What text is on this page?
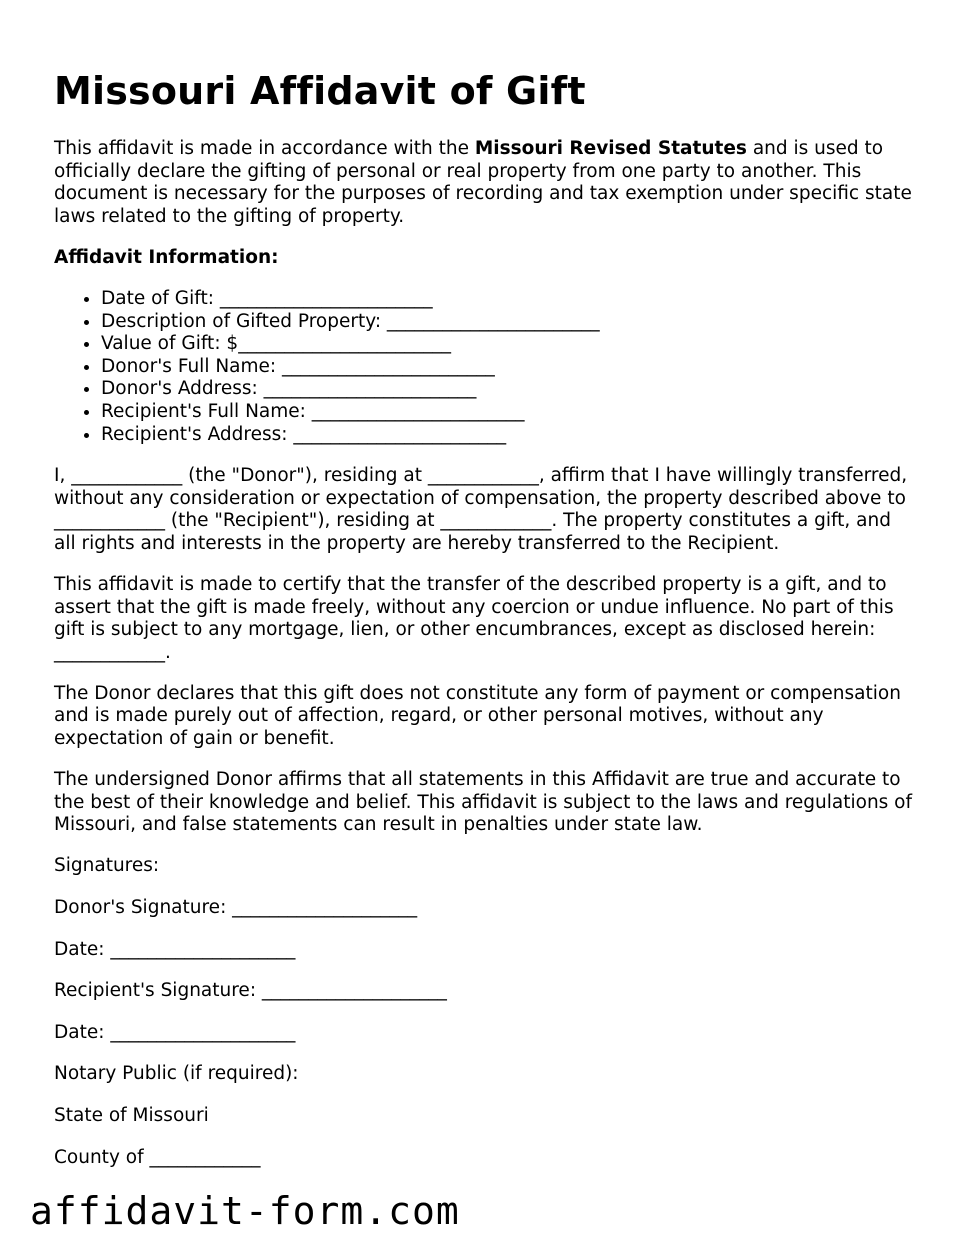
Missouri Affidavit of Gift

This affidavit is made in accordance with the Missouri Revised Statutes and is used to officially declare the gifting of personal or real property from one party to another. This document is necessary for the purposes of recording and tax exemption under specific state laws related to the gifting of property.

Affidavit Information:

• Date of Gift: _______________________
• Description of Gifted Property: _______________________
• Value of Gift: $_______________________
• Donor's Full Name: _______________________
• Donor's Address: _______________________
• Recipient's Full Name: _______________________
• Recipient's Address: _______________________

I, ____________ (the "Donor"), residing at ____________, affirm that I have willingly transferred, without any consideration or expectation of compensation, the property described above to ____________ (the "Recipient"), residing at ____________. The property constitutes a gift, and all rights and interests in the property are hereby transferred to the Recipient.

This affidavit is made to certify that the transfer of the described property is a gift, and to assert that the gift is made freely, without any coercion or undue influence. No part of this gift is subject to any mortgage, lien, or other encumbrances, except as disclosed herein: ____________.

The Donor declares that this gift does not constitute any form of payment or compensation and is made purely out of affection, regard, or other personal motives, without any expectation of gain or benefit.

The undersigned Donor affirms that all statements in this Affidavit are true and accurate to the best of their knowledge and belief. This affidavit is subject to the laws and regulations of Missouri, and false statements can result in penalties under state law.

Signatures:

Donor's Signature: ____________________

Date: ____________________

Recipient's Signature: ____________________

Date: ____________________

Notary Public (if required):

State of Missouri

County of ____________

affidavit-form.com
